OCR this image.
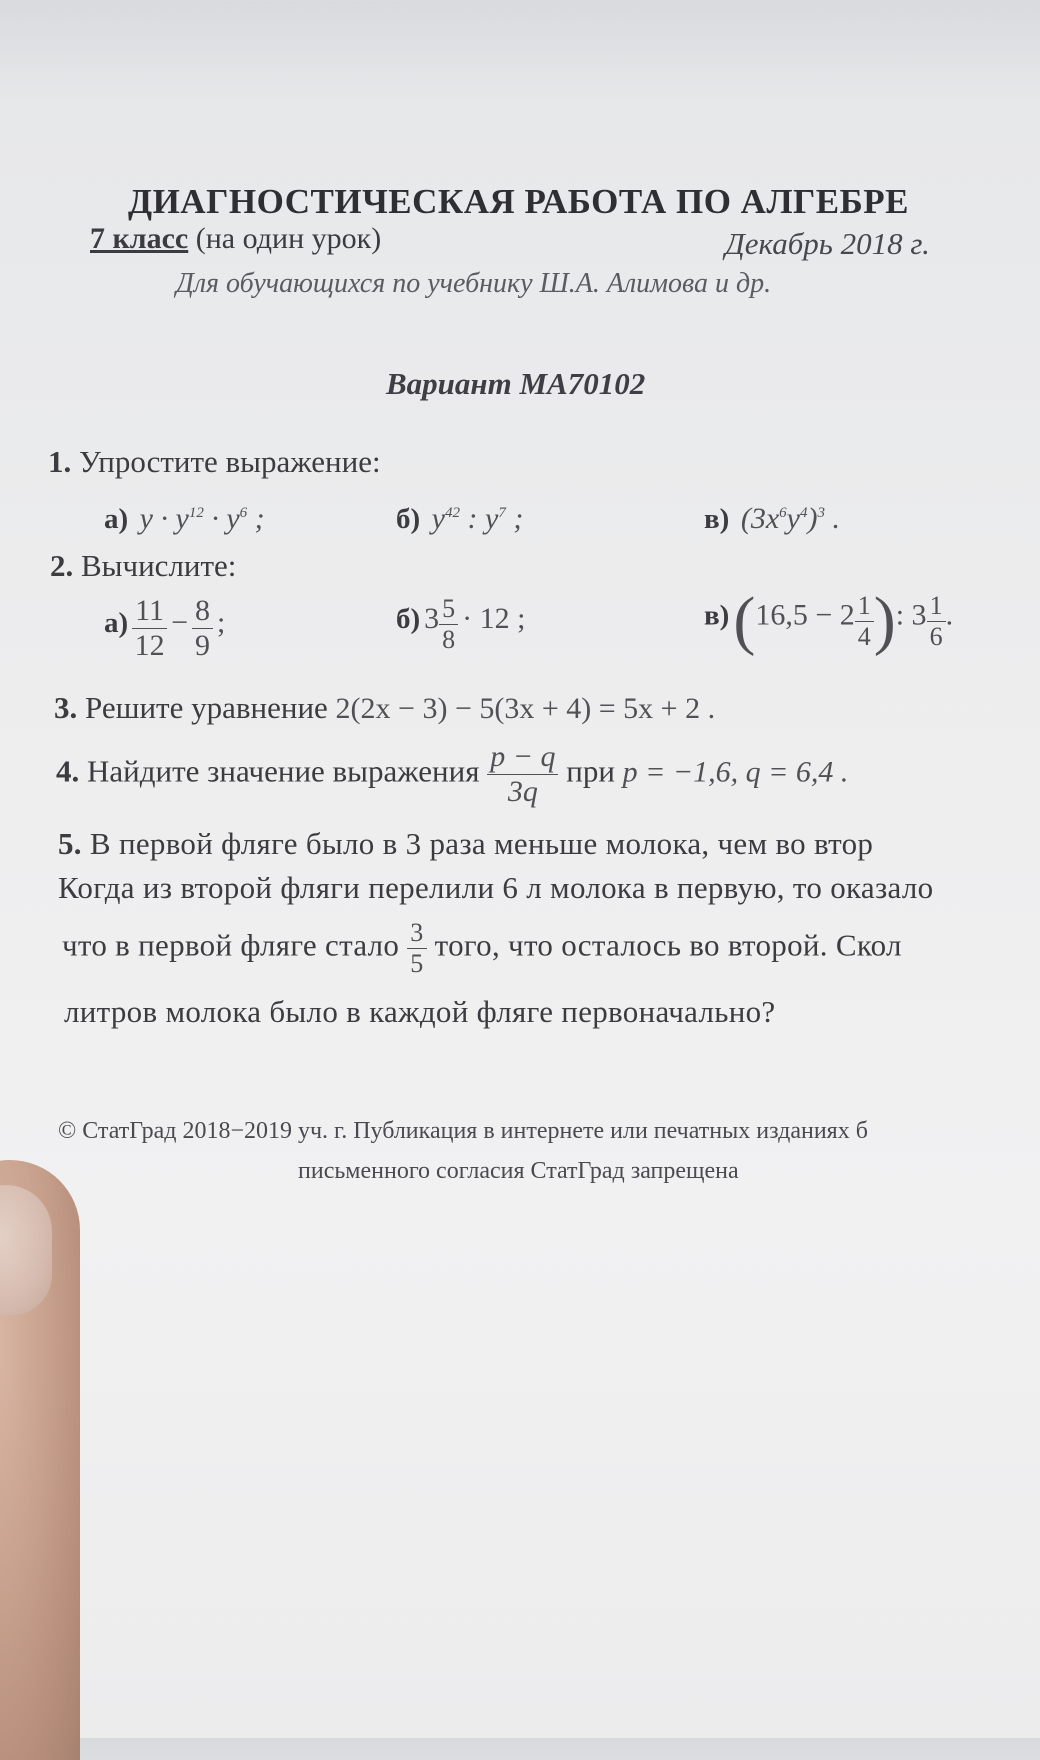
ДИАГНОСТИЧЕСКАЯ РАБОТА ПО АЛГЕБРЕ
7 класс (на один урок)	Декабрь 2018 г.
Для обучающихся по учебнику Ш.А. Алимова и др.
Вариант МА70102
1. Упростите выражение:
а)  $y \cdot y^{12} \cdot y^6$ ;	б)  $y^{42}$ : $y^7$ ;	в)  $(3x^6y^4)^3$ .
2. Вычислите:
$а) \frac{11}{12} - \frac{8}{9}$ ;	б) $3 \frac{5}{8} \cdot 12$ ;	в) ($16,5 - 2 \frac{1}{4}$ ): $3 \frac{1}{6}$ .
3. Решите уравнение 2(2x − 3) − 5(3x + 4) = 5x + 2 .
4. Найдите значение выражения $\frac{p - q}{3q}$ при p = −1,6, q = 6,4 .
5. В первой фляге было в 3 раза меньше молока, чем во втор
Когда из второй фляги перелили 6 л молока в первую, то оказало
что в первой фляге стало $\frac{3}{5}$ того, что осталось во второй. Скол
литров молока было в каждой фляге первоначально?
© СтатГрад 2018−2019 уч. г. Публикация в интернете или печатных изданиях б
письменного согласия СтатГрад запрещена
